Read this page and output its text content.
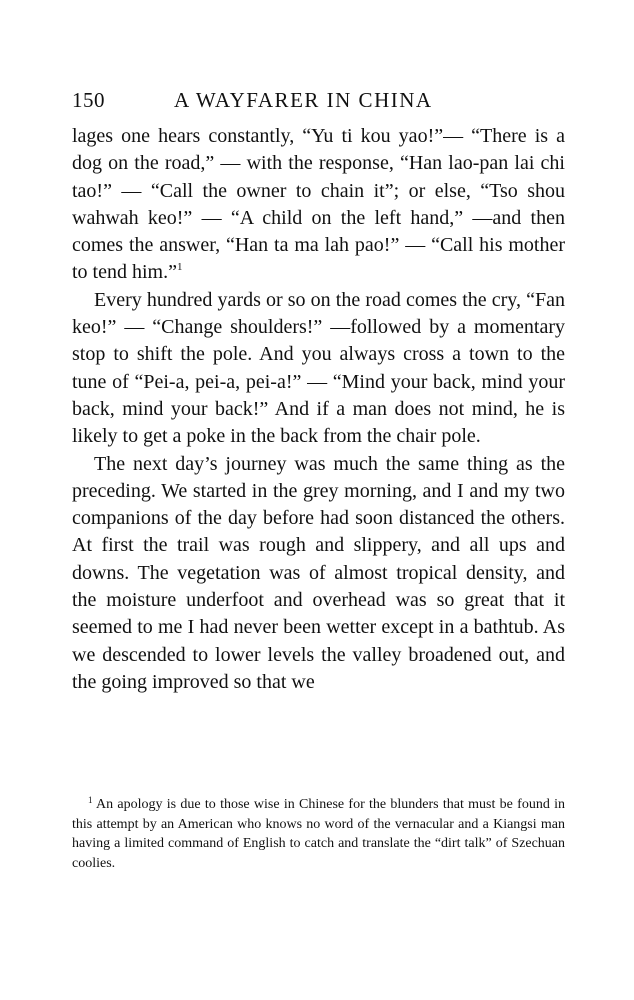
150	A WAYFARER IN CHINA

lages one hears constantly, “Yu ti kou yao!”— “There is a dog on the road,” — with the response, “Han lao-pan lai chi tao!” — “Call the owner to chain it”; or else, “Tso shou wahwah keo!” — “A child on the left hand,” —and then comes the answer, “Han ta ma lah pao!” — “Call his mother to tend him.”$^1$

Every hundred yards or so on the road comes the cry, “Fan keo!” — “Change shoulders!” —followed by a momentary stop to shift the pole. And you always cross a town to the tune of “Pei-a, pei-a, pei-a!” — “Mind your back, mind your back, mind your back!” And if a man does not mind, he is likely to get a poke in the back from the chair pole.

The next day’s journey was much the same thing as the preceding. We started in the grey morning, and I and my two companions of the day before had soon distanced the others. At first the trail was rough and slippery, and all ups and downs. The vegetation was of almost tropical density, and the moisture underfoot and overhead was so great that it seemed to me I had never been wetter except in a bathtub. As we descended to lower levels the valley broadened out, and the going improved so that we

$^1$ An apology is due to those wise in Chinese for the blunders that must be found in this attempt by an American who knows no word of the vernacular and a Kiangsi man having a limited command of English to catch and translate the “dirt talk” of Szechuan coolies.
